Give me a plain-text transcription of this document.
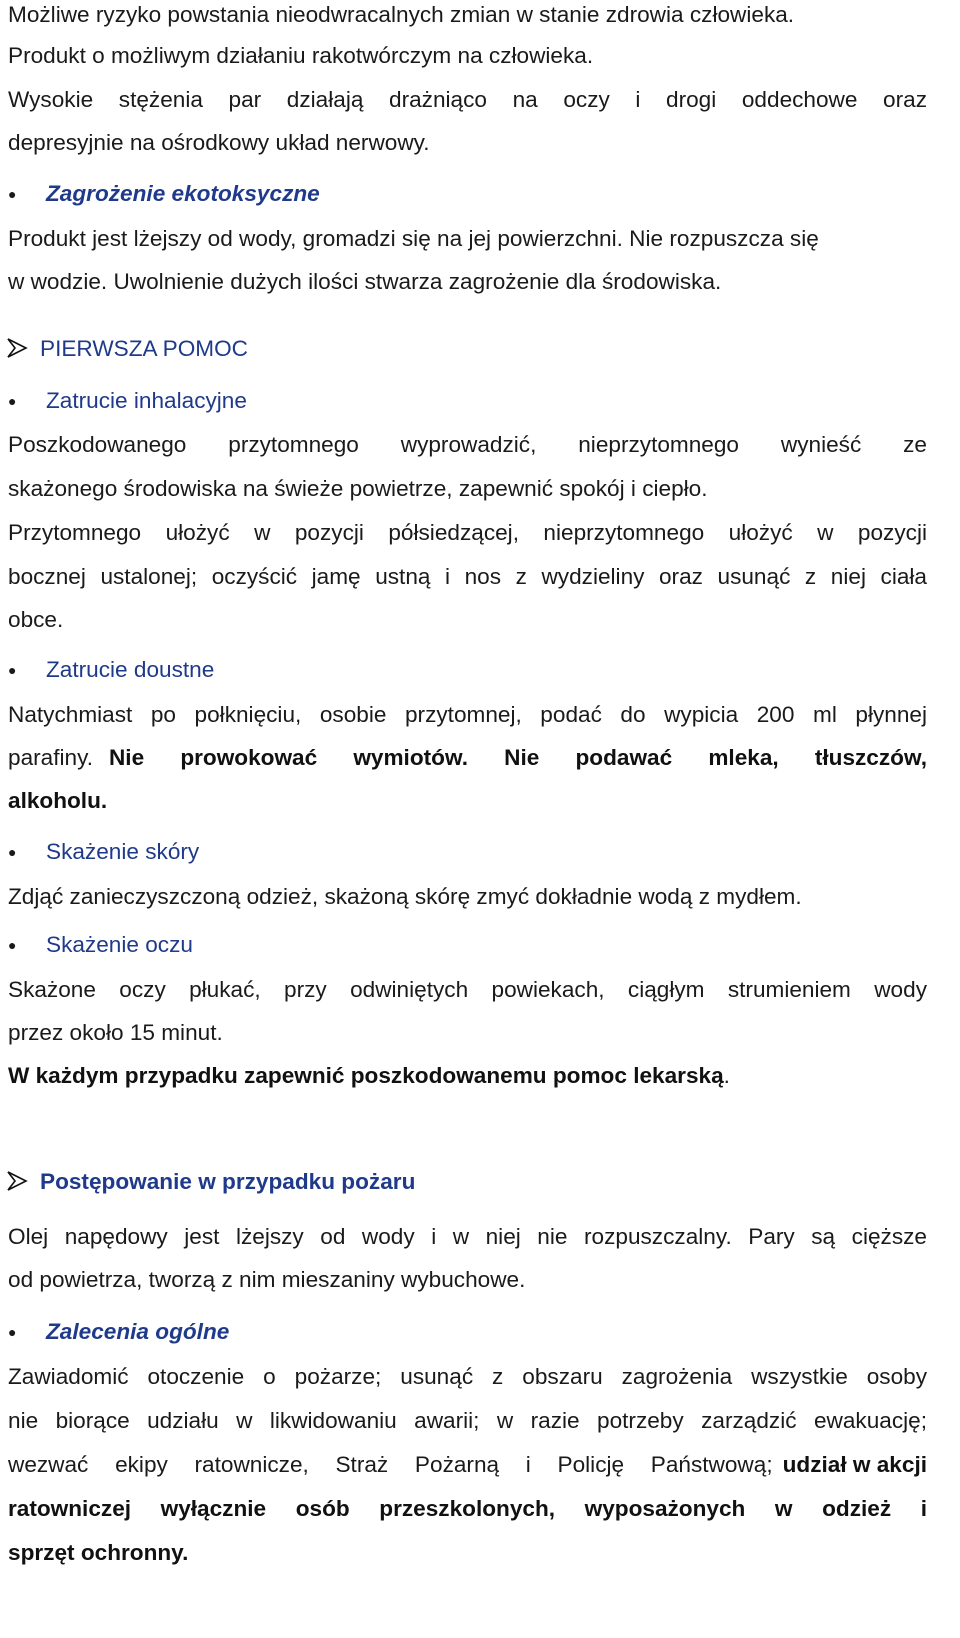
Możliwe ryzyko powstania nieodwracalnych zmian w stanie zdrowia człowieka.
Produkt o możliwym działaniu rakotwórczym na człowieka.
Wysokie stężenia par działają drażniąco na oczy i drogi oddechowe oraz
depresyjnie na ośrodkowy układ nerwowy.
● Zagrożenie ekotoksyczne
Produkt jest lżejszy od wody, gromadzi się na jej powierzchni. Nie rozpuszcza się
w wodzie. Uwolnienie dużych ilości stwarza zagrożenie dla środowiska.
PIERWSZA POMOC
● Zatrucie inhalacyjne
Poszkodowanego przytomnego wyprowadzić, nieprzytomnego wynieść ze
skażonego środowiska na świeże powietrze, zapewnić spokój i ciepło.
Przytomnego ułożyć w pozycji półsiedzącej, nieprzytomnego ułożyć w pozycji
bocznej ustalonej; oczyścić jamę ustną i nos z wydzieliny oraz usunąć z niej ciała
obce.
● Zatrucie doustne
Natychmiast po połknięciu, osobie przytomnej, podać do wypicia 200 ml płynnej
parafiny. Nie prowokować wymiotów. Nie podawać mleka, tłuszczów,
alkoholu.
● Skażenie skóry
Zdjąć zanieczyszczoną odzież, skażoną skórę zmyć dokładnie wodą z mydłem.
● Skażenie oczu
Skażone oczy płukać, przy odwiniętych powiekach, ciągłym strumieniem wody
przez około 15 minut.
W każdym przypadku zapewnić poszkodowanemu pomoc lekarską.
Postępowanie w przypadku pożaru
Olej napędowy jest lżejszy od wody i w niej nie rozpuszczalny. Pary są cięższe
od powietrza, tworzą z nim mieszaniny wybuchowe.
● Zalecenia ogólne
Zawiadomić otoczenie o pożarze; usunąć z obszaru zagrożenia wszystkie osoby
nie biorące udziału w likwidowaniu awarii; w razie potrzeby zarządzić ewakuację;
wezwać ekipy ratownicze, Straż Pożarną i Policję Państwową; udział w akcji
ratowniczej wyłącznie osób przeszkolonych, wyposażonych w odzież i
sprzęt ochronny.
